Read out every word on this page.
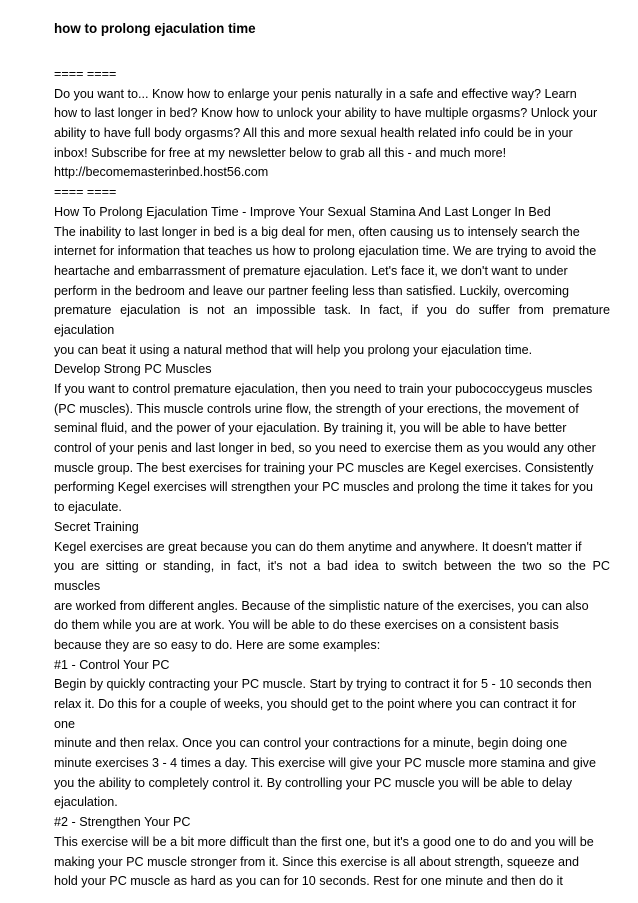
how to prolong ejaculation time
==== ====
Do you want to... Know how to enlarge your penis naturally in a safe and effective way? Learn
how to last longer in bed? Know how to unlock your ability to have multiple orgasms? Unlock your
ability to have full body orgasms? All this and more sexual health related info could be in your
inbox! Subscribe for free at my newsletter below to grab all this - and much more!
http://becomemasterinbed.host56.com
==== ====
How To Prolong Ejaculation Time - Improve Your Sexual Stamina And Last Longer In Bed
The inability to last longer in bed is a big deal for men, often causing us to intensely search the
internet for information that teaches us how to prolong ejaculation time. We are trying to avoid the
heartache and embarrassment of premature ejaculation. Let's face it, we don't want to under
perform in the bedroom and leave our partner feeling less than satisfied. Luckily, overcoming
premature ejaculation is not an impossible task. In fact, if you do suffer from premature
ejaculation
you can beat it using a natural method that will help you prolong your ejaculation time.
Develop Strong PC Muscles
If you want to control premature ejaculation, then you need to train your pubococcygeus muscles
(PC muscles). This muscle controls urine flow, the strength of your erections, the movement of
seminal fluid, and the power of your ejaculation. By training it, you will be able to have better
control of your penis and last longer in bed, so you need to exercise them as you would any other
muscle group. The best exercises for training your PC muscles are Kegel exercises. Consistently
performing Kegel exercises will strengthen your PC muscles and prolong the time it takes for you
to ejaculate.
Secret Training
Kegel exercises are great because you can do them anytime and anywhere. It doesn't matter if
you are sitting or standing, in fact, it's not a bad idea to switch between the two so the PC
muscles
are worked from different angles. Because of the simplistic nature of the exercises, you can also
do them while you are at work. You will be able to do these exercises on a consistent basis
because they are so easy to do. Here are some examples:
#1 - Control Your PC
Begin by quickly contracting your PC muscle. Start by trying to contract it for 5 - 10 seconds then
relax it. Do this for a couple of weeks, you should get to the point where you can contract it for
one
minute and then relax. Once you can control your contractions for a minute, begin doing one
minute exercises 3 - 4 times a day. This exercise will give your PC muscle more stamina and give
you the ability to completely control it. By controlling your PC muscle you will be able to delay
ejaculation.
#2 - Strengthen Your PC
This exercise will be a bit more difficult than the first one, but it's a good one to do and you will be
making your PC muscle stronger from it. Since this exercise is all about strength, squeeze and
hold your PC muscle as hard as you can for 10 seconds. Rest for one minute and then do it
